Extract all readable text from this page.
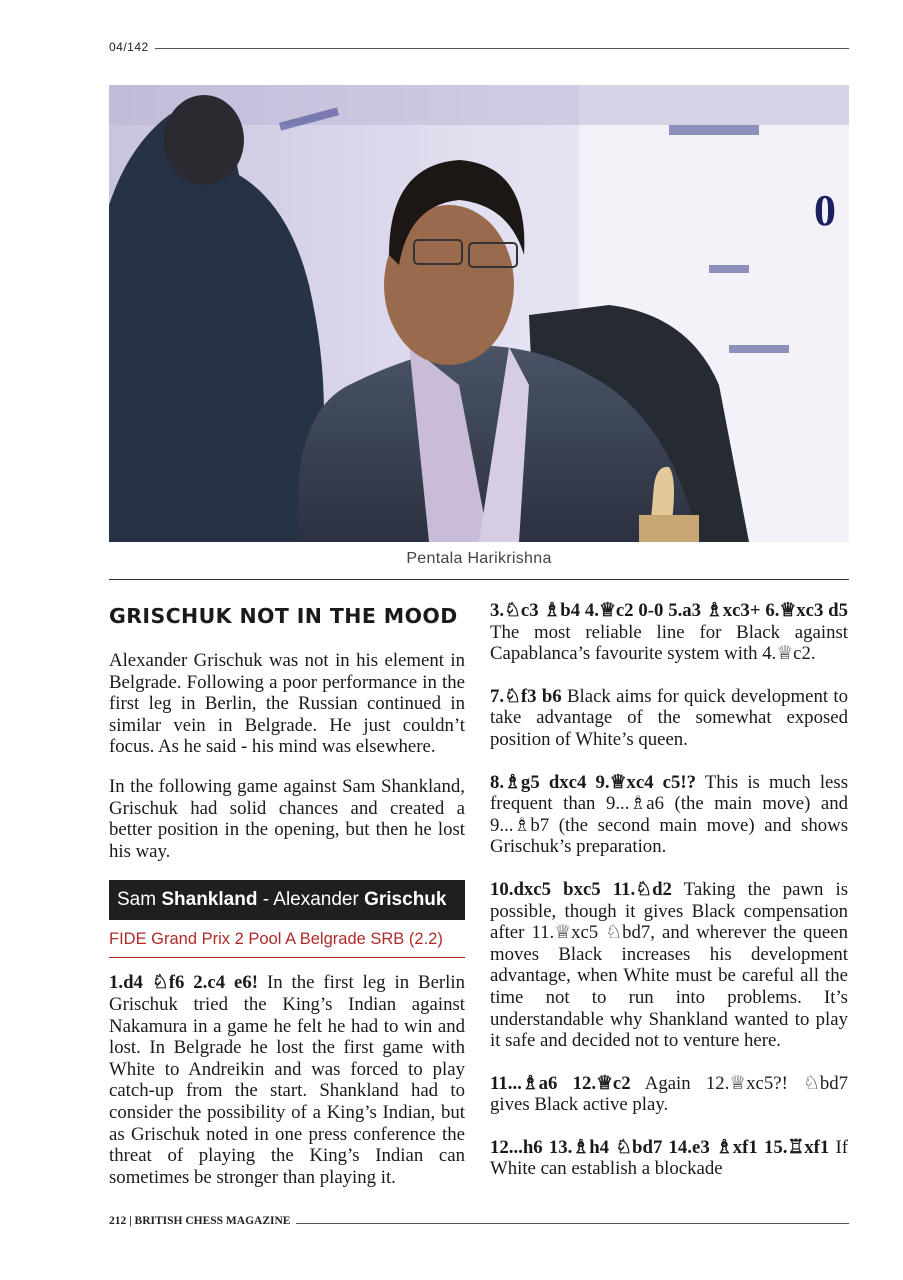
04/142
0
Pentala Harikrishna
GRISCHUK NOT IN THE MOOD

Alexander Grischuk was not in his element in Belgrade. Following a poor performance in the first leg in Berlin, the Russian continued in similar vein in Belgrade. He just couldn’t focus. As he said - his mind was elsewhere.

In the following game against Sam Shankland, Grischuk had solid chances and created a better position in the opening, but then he lost his way.

Sam Shankland - Alexander Grischuk
FIDE Grand Prix 2 Pool A Belgrade SRB (2.2)

1.d4 ♘f6 2.c4 e6! In the first leg in Berlin Grischuk tried the King’s Indian against Nakamura in a game he felt he had to win and lost. In Belgrade he lost the first game with White to Andreikin and was forced to play catch-up from the start. Shankland had to consider the possibility of a King’s Indian, but as Grischuk noted in one press conference the threat of playing the King’s Indian can sometimes be stronger than playing it.

3.♘c3 ♗b4 4.♕c2 0-0 5.a3 ♗xc3+ 6.♕xc3 d5 The most reliable line for Black against Capablanca’s favourite system with 4.♕c2.

7.♘f3 b6 Black aims for quick development to take advantage of the somewhat exposed position of White’s queen.

8.♗g5 dxc4 9.♕xc4 c5!? This is much less frequent than 9...♗a6 (the main move) and 9...♗b7 (the second main move) and shows Grischuk’s preparation.

10.dxc5 bxc5 11.♘d2 Taking the pawn is possible, though it gives Black compensation after 11.♕xc5 ♘bd7, and wherever the queen moves Black increases his development advantage, when White must be careful all the time not to run into problems. It’s understandable why Shankland wanted to play it safe and decided not to venture here.

11...♗a6 12.♕c2 Again 12.♕xc5?! ♘bd7 gives Black active play.

12...h6 13.♗h4 ♘bd7 14.e3 ♗xf1 15.♖xf1 If White can establish a blockade

212 | BRITISH CHESS MAGAZINE
